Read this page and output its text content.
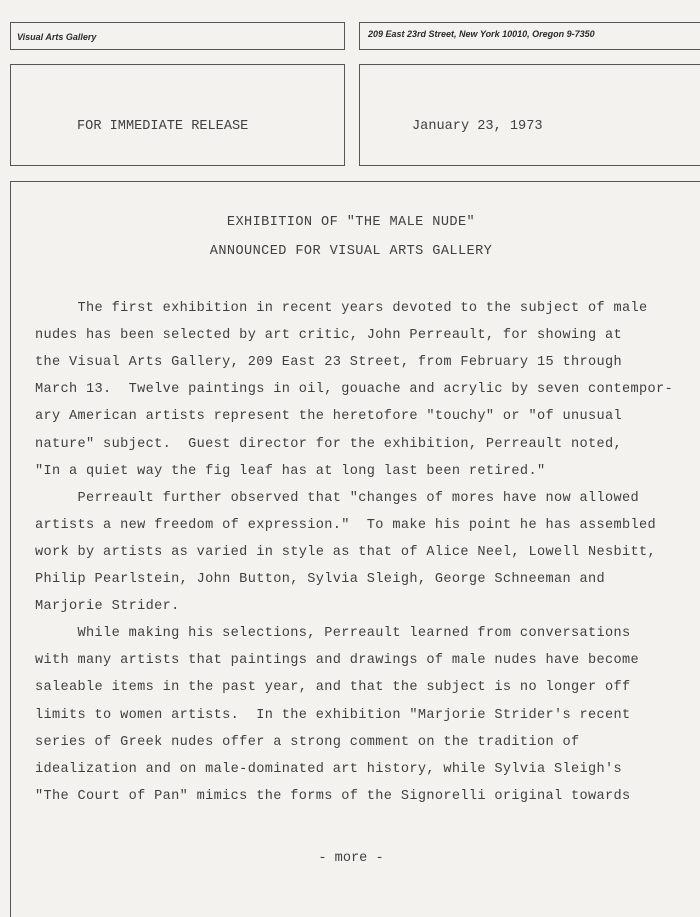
Visual Arts Gallery	209 East 23rd Street, New York 10010, Oregon 9-7350
FOR IMMEDIATE RELEASE	January 23, 1973
EXHIBITION OF "THE MALE NUDE"
ANNOUNCED FOR VISUAL ARTS GALLERY
The first exhibition in recent years devoted to the subject of male
nudes has been selected by art critic, John Perreault, for showing at
the Visual Arts Gallery, 209 East 23 Street, from February 15 through
March 13.  Twelve paintings in oil, gouache and acrylic by seven contempor-
ary American artists represent the heretofore "touchy" or "of unusual
nature" subject.  Guest director for the exhibition, Perreault noted,
"In a quiet way the fig leaf has at long last been retired."
Perreault further observed that "changes of mores have now allowed
artists a new freedom of expression."  To make his point he has assembled
work by artists as varied in style as that of Alice Neel, Lowell Nesbitt,
Philip Pearlstein, John Button, Sylvia Sleigh, George Schneeman and
Marjorie Strider.
While making his selections, Perreault learned from conversations
with many artists that paintings and drawings of male nudes have become
saleable items in the past year, and that the subject is no longer off
limits to women artists.  In the exhibition "Marjorie Strider's recent
series of Greek nudes offer a strong comment on the tradition of
idealization and on male-dominated art history, while Sylvia Sleigh's
"The Court of Pan" mimics the forms of the Signorelli original towards
- more -
